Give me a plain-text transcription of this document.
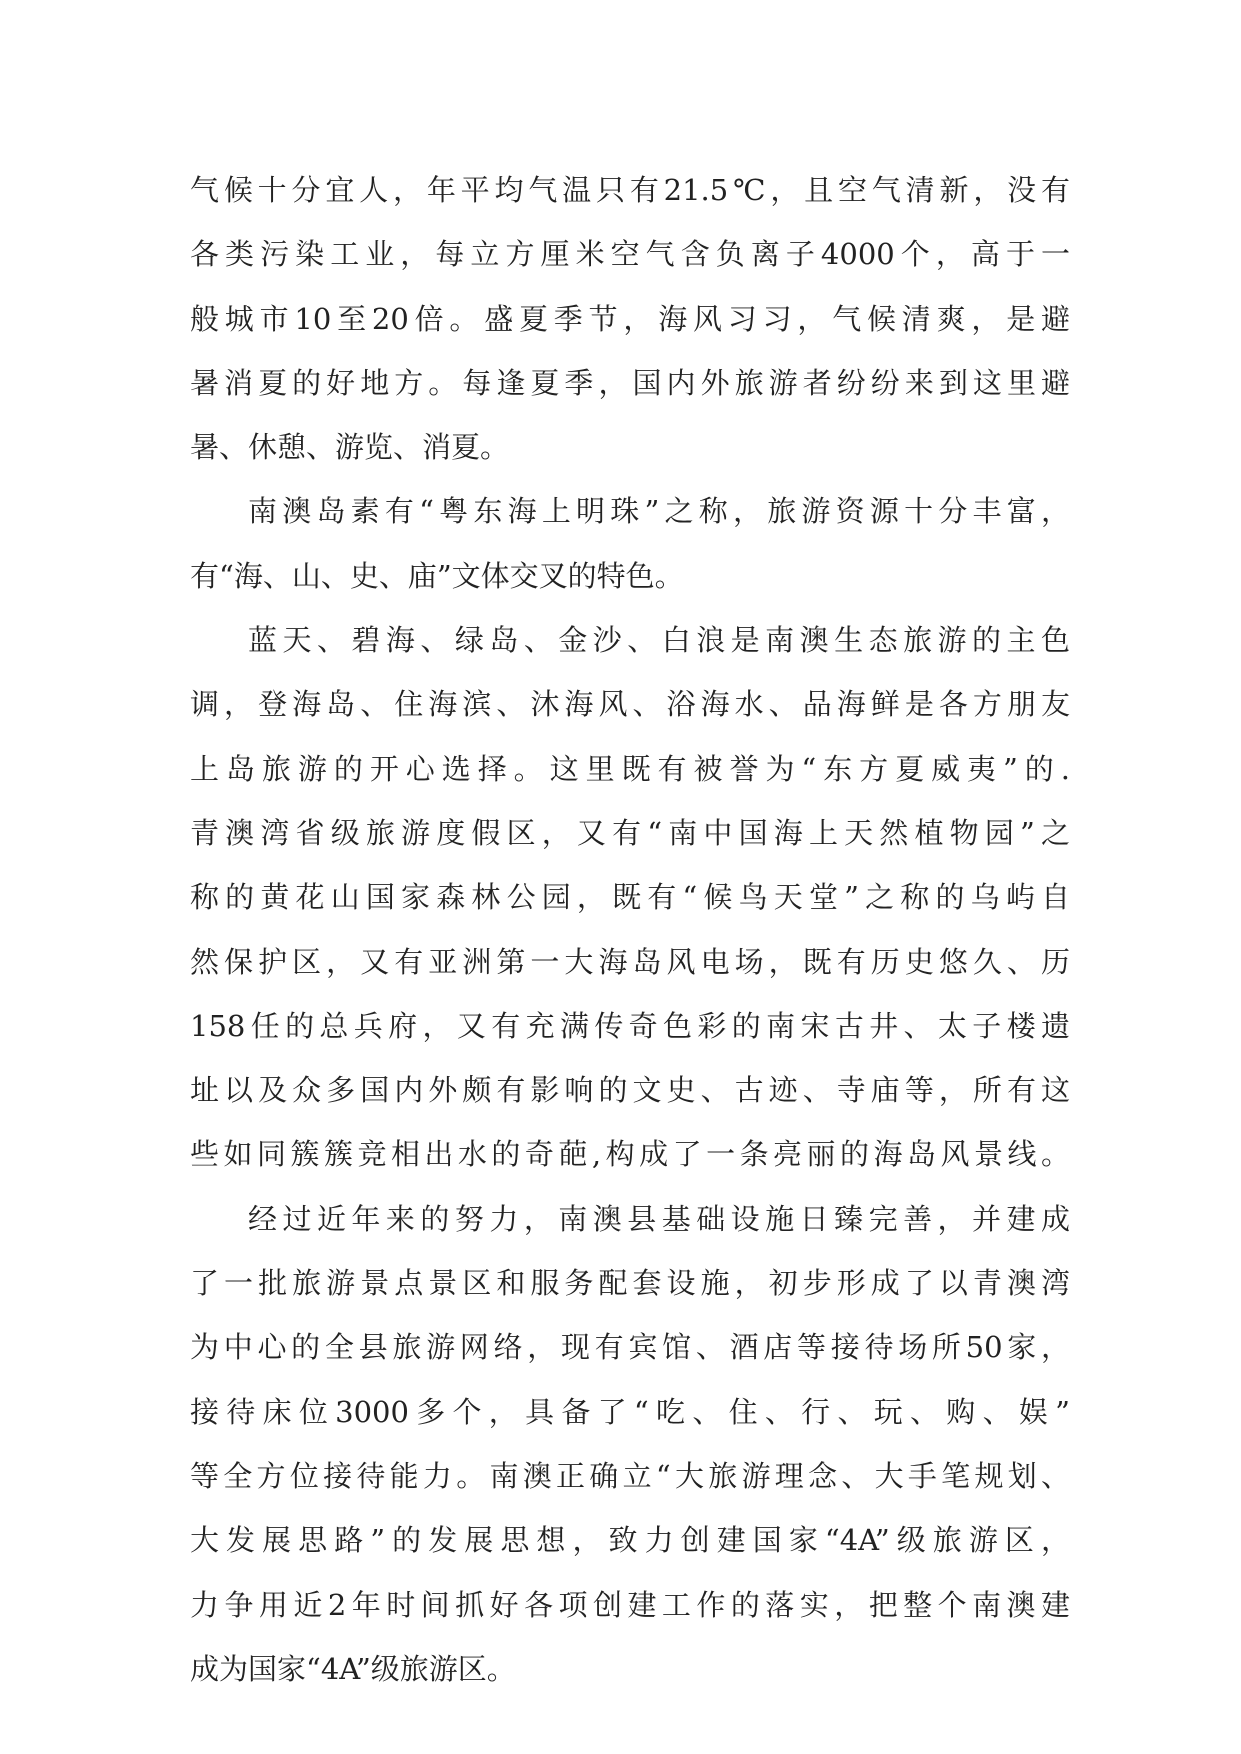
气候十分宜人，年平均气温只有21.5℃，且空气清新，没有
各类污染工业，每立方厘米空气含负离子4000个，高于一
般城市10至20倍。盛夏季节，海风习习，气候清爽，是避
暑消夏的好地方。每逢夏季，国内外旅游者纷纷来到这里避
暑、休憩、游览、消夏。
南澳岛素有“粤东海上明珠”之称，旅游资源十分丰富，
有“海、山、史、庙”文体交叉的特色。
蓝天、碧海、绿岛、金沙、白浪是南澳生态旅游的主色
调，登海岛、住海滨、沐海风、浴海水、品海鲜是各方朋友
上岛旅游的开心选择。这里既有被誉为“东方夏威夷”的.
青澳湾省级旅游度假区，又有“南中国海上天然植物园”之
称的黄花山国家森林公园，既有“候鸟天堂”之称的乌屿自
然保护区，又有亚洲第一大海岛风电场，既有历史悠久、历
158任的总兵府，又有充满传奇色彩的南宋古井、太子楼遗
址以及众多国内外颇有影响的文史、古迹、寺庙等，所有这
些如同簇簇竞相出水的奇葩,构成了一条亮丽的海岛风景线。
经过近年来的努力，南澳县基础设施日臻完善，并建成
了一批旅游景点景区和服务配套设施，初步形成了以青澳湾
为中心的全县旅游网络，现有宾馆、酒店等接待场所50家，
接待床位3000多个，具备了“吃、住、行、玩、购、娱”
等全方位接待能力。南澳正确立“大旅游理念、大手笔规划、
大发展思路”的发展思想，致力创建国家“4A”级旅游区，
力争用近2年时间抓好各项创建工作的落实，把整个南澳建
成为国家“4A”级旅游区。
